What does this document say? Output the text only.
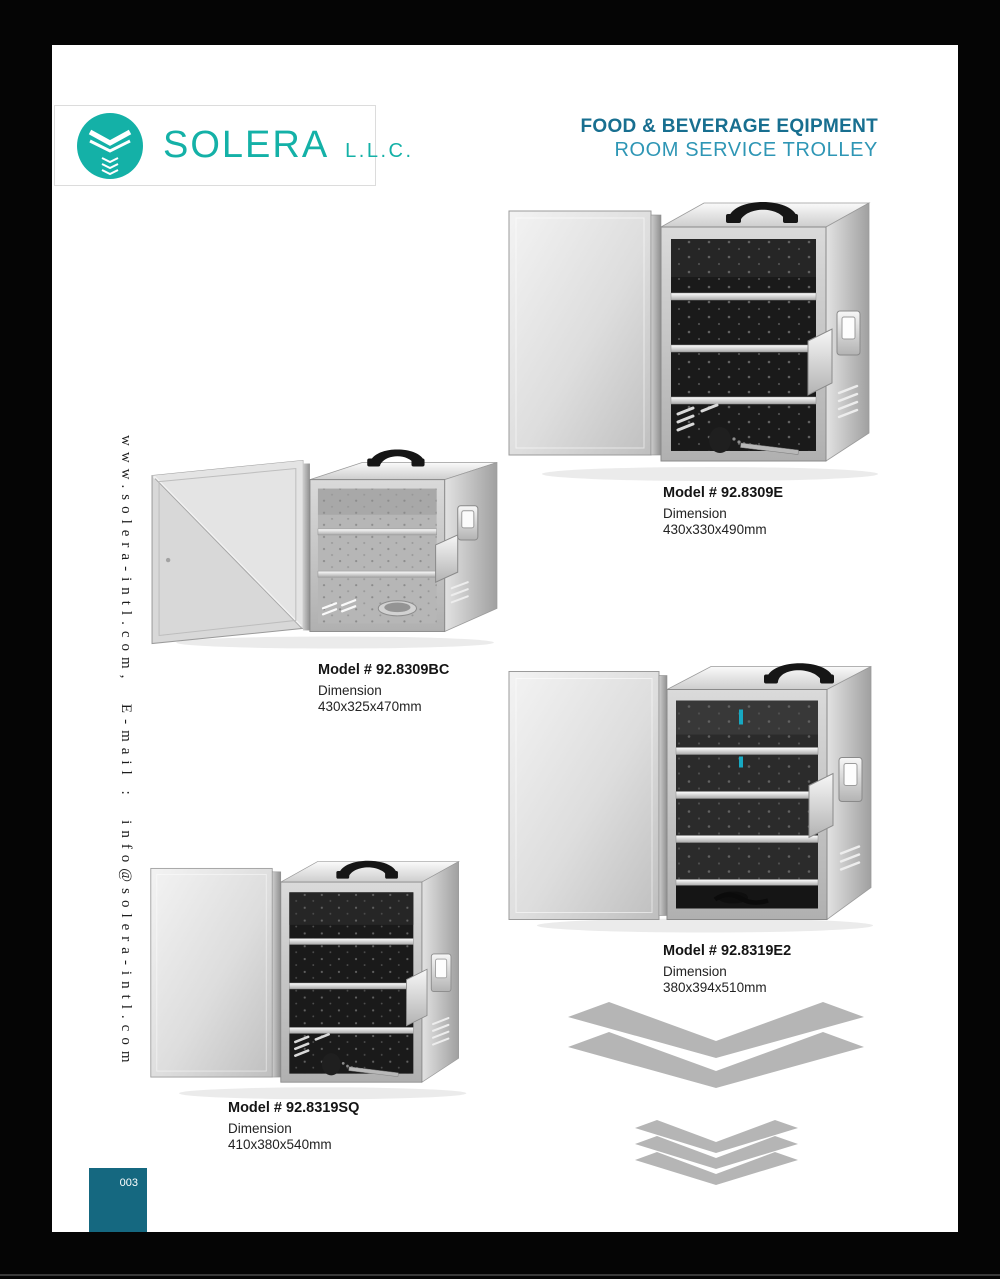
SOLERA L.L.C.
FOOD & BEVERAGE EQIPMENT
ROOM SERVICE TROLLEY
www.solera-intl.com,  E-mail :  info@solera-intl.com	Model # 92.8309E
Dimension
430x330x490mm
Model # 92.8309BC
Dimension
430x325x470mm
Model # 92.8319E2
Dimension
380x394x510mm
Model # 92.8319SQ
Dimension
410x380x540mm
003
